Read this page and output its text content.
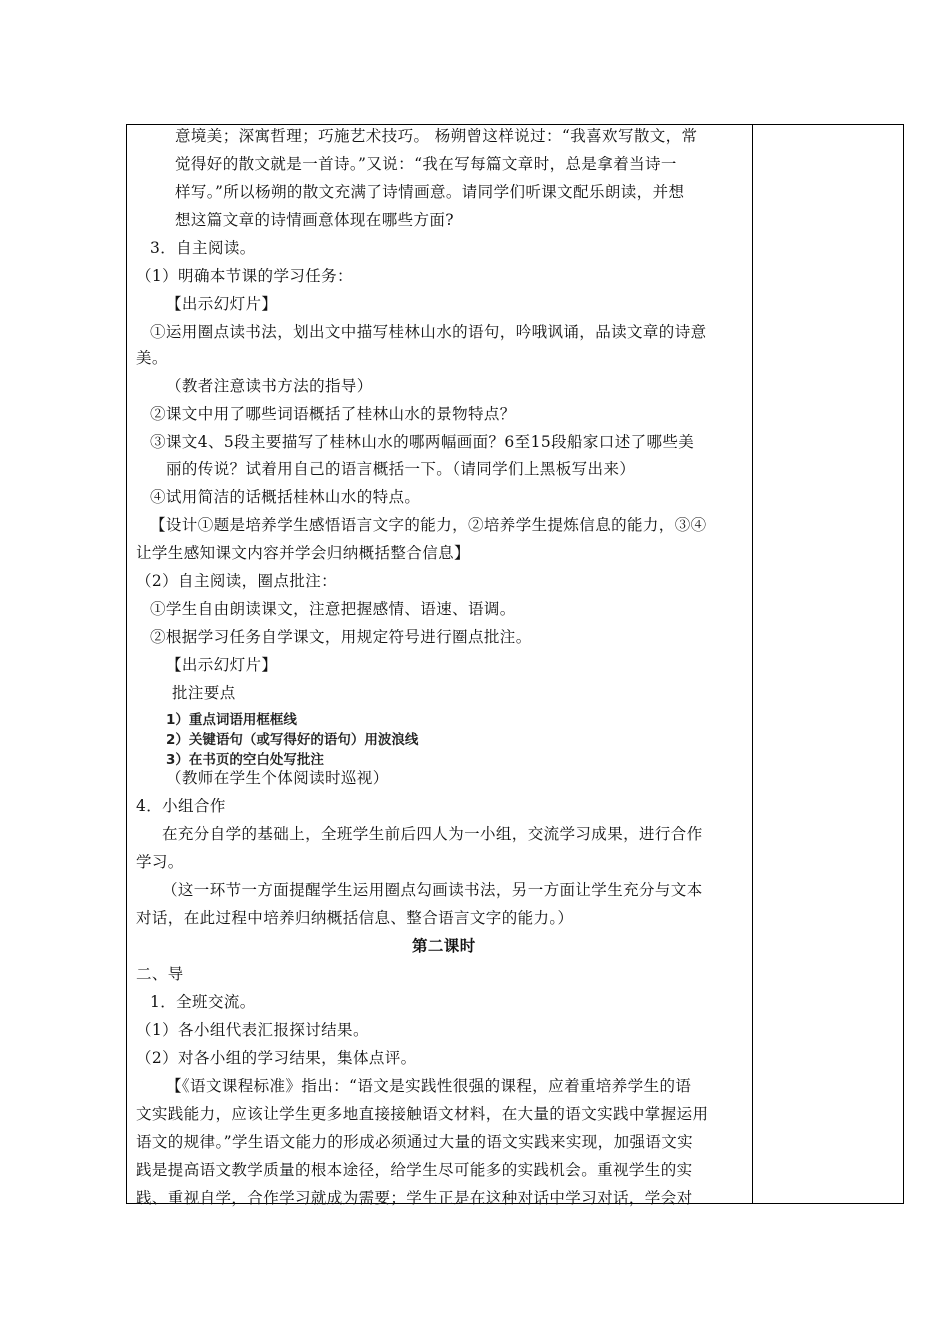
意境美；深寓哲理；巧施艺术技巧。 杨朔曾这样说过：“我喜欢写散文，常
觉得好的散文就是一首诗。”又说：“我在写每篇文章时，总是拿着当诗一
样写。”所以杨朔的散文充满了诗情画意。请同学们听课文配乐朗读，并想
想这篇文章的诗情画意体现在哪些方面?
3．自主阅读。
（1）明确本节课的学习任务：
【出示幻灯片】
①运用圈点读书法，划出文中描写桂林山水的语句，吟哦讽诵，品读文章的诗意
美。
（教者注意读书方法的指导）
②课文中用了哪些词语概括了桂林山水的景物特点？
③课文4、5段主要描写了桂林山水的哪两幅画面？6至15段船家口述了哪些美
丽的传说？试着用自己的语言概括一下。（请同学们上黑板写出来）
④试用简洁的话概括桂林山水的特点。
【设计①题是培养学生感悟语言文字的能力，②培养学生提炼信息的能力，③④
让学生感知课文内容并学会归纳概括整合信息】
（2）自主阅读，圈点批注：
①学生自由朗读课文，注意把握感情、语速、语调。
②根据学习任务自学课文，用规定符号进行圈点批注。
【出示幻灯片】
批注要点
1）重点词语用框框线
2）关键语句（或写得好的语句）用波浪线
3）在书页的空白处写批注
（教师在学生个体阅读时巡视）
4．小组合作
在充分自学的基础上，全班学生前后四人为一小组，交流学习成果，进行合作
学习。
（这一环节一方面提醒学生运用圈点勾画读书法，另一方面让学生充分与文本
对话，在此过程中培养归纳概括信息、整合语言文字的能力。）
第二课时
二、导
1．全班交流。
（1）各小组代表汇报探讨结果。
（2）对各小组的学习结果，集体点评。
【《语文课程标准》指出：“语文是实践性很强的课程，应着重培养学生的语
文实践能力，应该让学生更多地直接接触语文材料，在大量的语文实践中掌握运用
语文的规律。”学生语文能力的形成必须通过大量的语文实践来实现，加强语文实
践是提高语文教学质量的根本途径，给学生尽可能多的实践机会。重视学生的实
践、重视自学，合作学习就成为需要；学生正是在这种对话中学习对话，学会对
